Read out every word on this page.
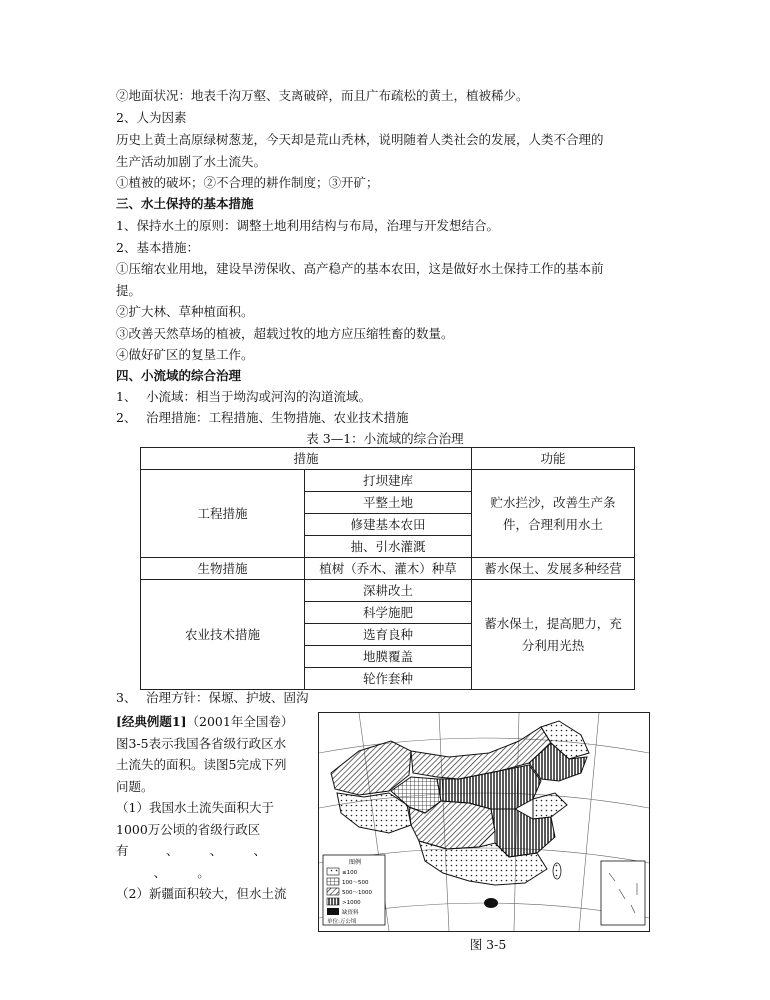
②地面状况：地表千沟万壑、支离破碎，而且广布疏松的黄土，植被稀少。
2、人为因素
历史上黄土高原绿树葱茏，今天却是荒山秃林，说明随着人类社会的发展，人类不合理的
生产活动加剧了水土流失。
①植被的破坏；②不合理的耕作制度；③开矿；
三、水土保持的基本措施
1、保持水土的原则：调整土地利用结构与布局，治理与开发想结合。
2、基本措施：
①压缩农业用地，建设旱涝保收、高产稳产的基本农田，这是做好水土保持工作的基本前
提。
②扩大林、草种植面积。
③改善天然草场的植被，超载过牧的地方应压缩牲畜的数量。
④做好矿区的复垦工作。
四、小流域的综合治理
1、 小流域：相当于坳沟或河沟的沟道流域。
2、 治理措施：工程措施、生物措施、农业技术措施
表 3—1：小流域的综合治理
措施		功能
工程措施	打坝建库	贮水拦沙，改善生产条件，合理利用水土
	平整土地	
	修建基本农田	
	抽、引水灌溉	
生物措施	植树（乔木、灌木）种草	蓄水保土、发展多种经营
农业技术措施	深耕改土	蓄水保土，提高肥力，充分利用光热
	科学施肥	
	选育良种	
	地膜覆盖	
	轮作套种	
3、 治理方针：保塬、护坡、固沟
[经典例题1]（2001年全国卷）
图3-5表示我国各省级行政区水
土流失的面积。读图5完成下列
问题。
（1）我国水土流失面积大于
1000万公顷的省级行政区
有　　　、　　　、　　　、
　　　、　　　。
（2）新疆面积较大，但水土流
图例
≤100
100～500
500～1000
>1000
缺资料
单位:万公顷
图 3-5
